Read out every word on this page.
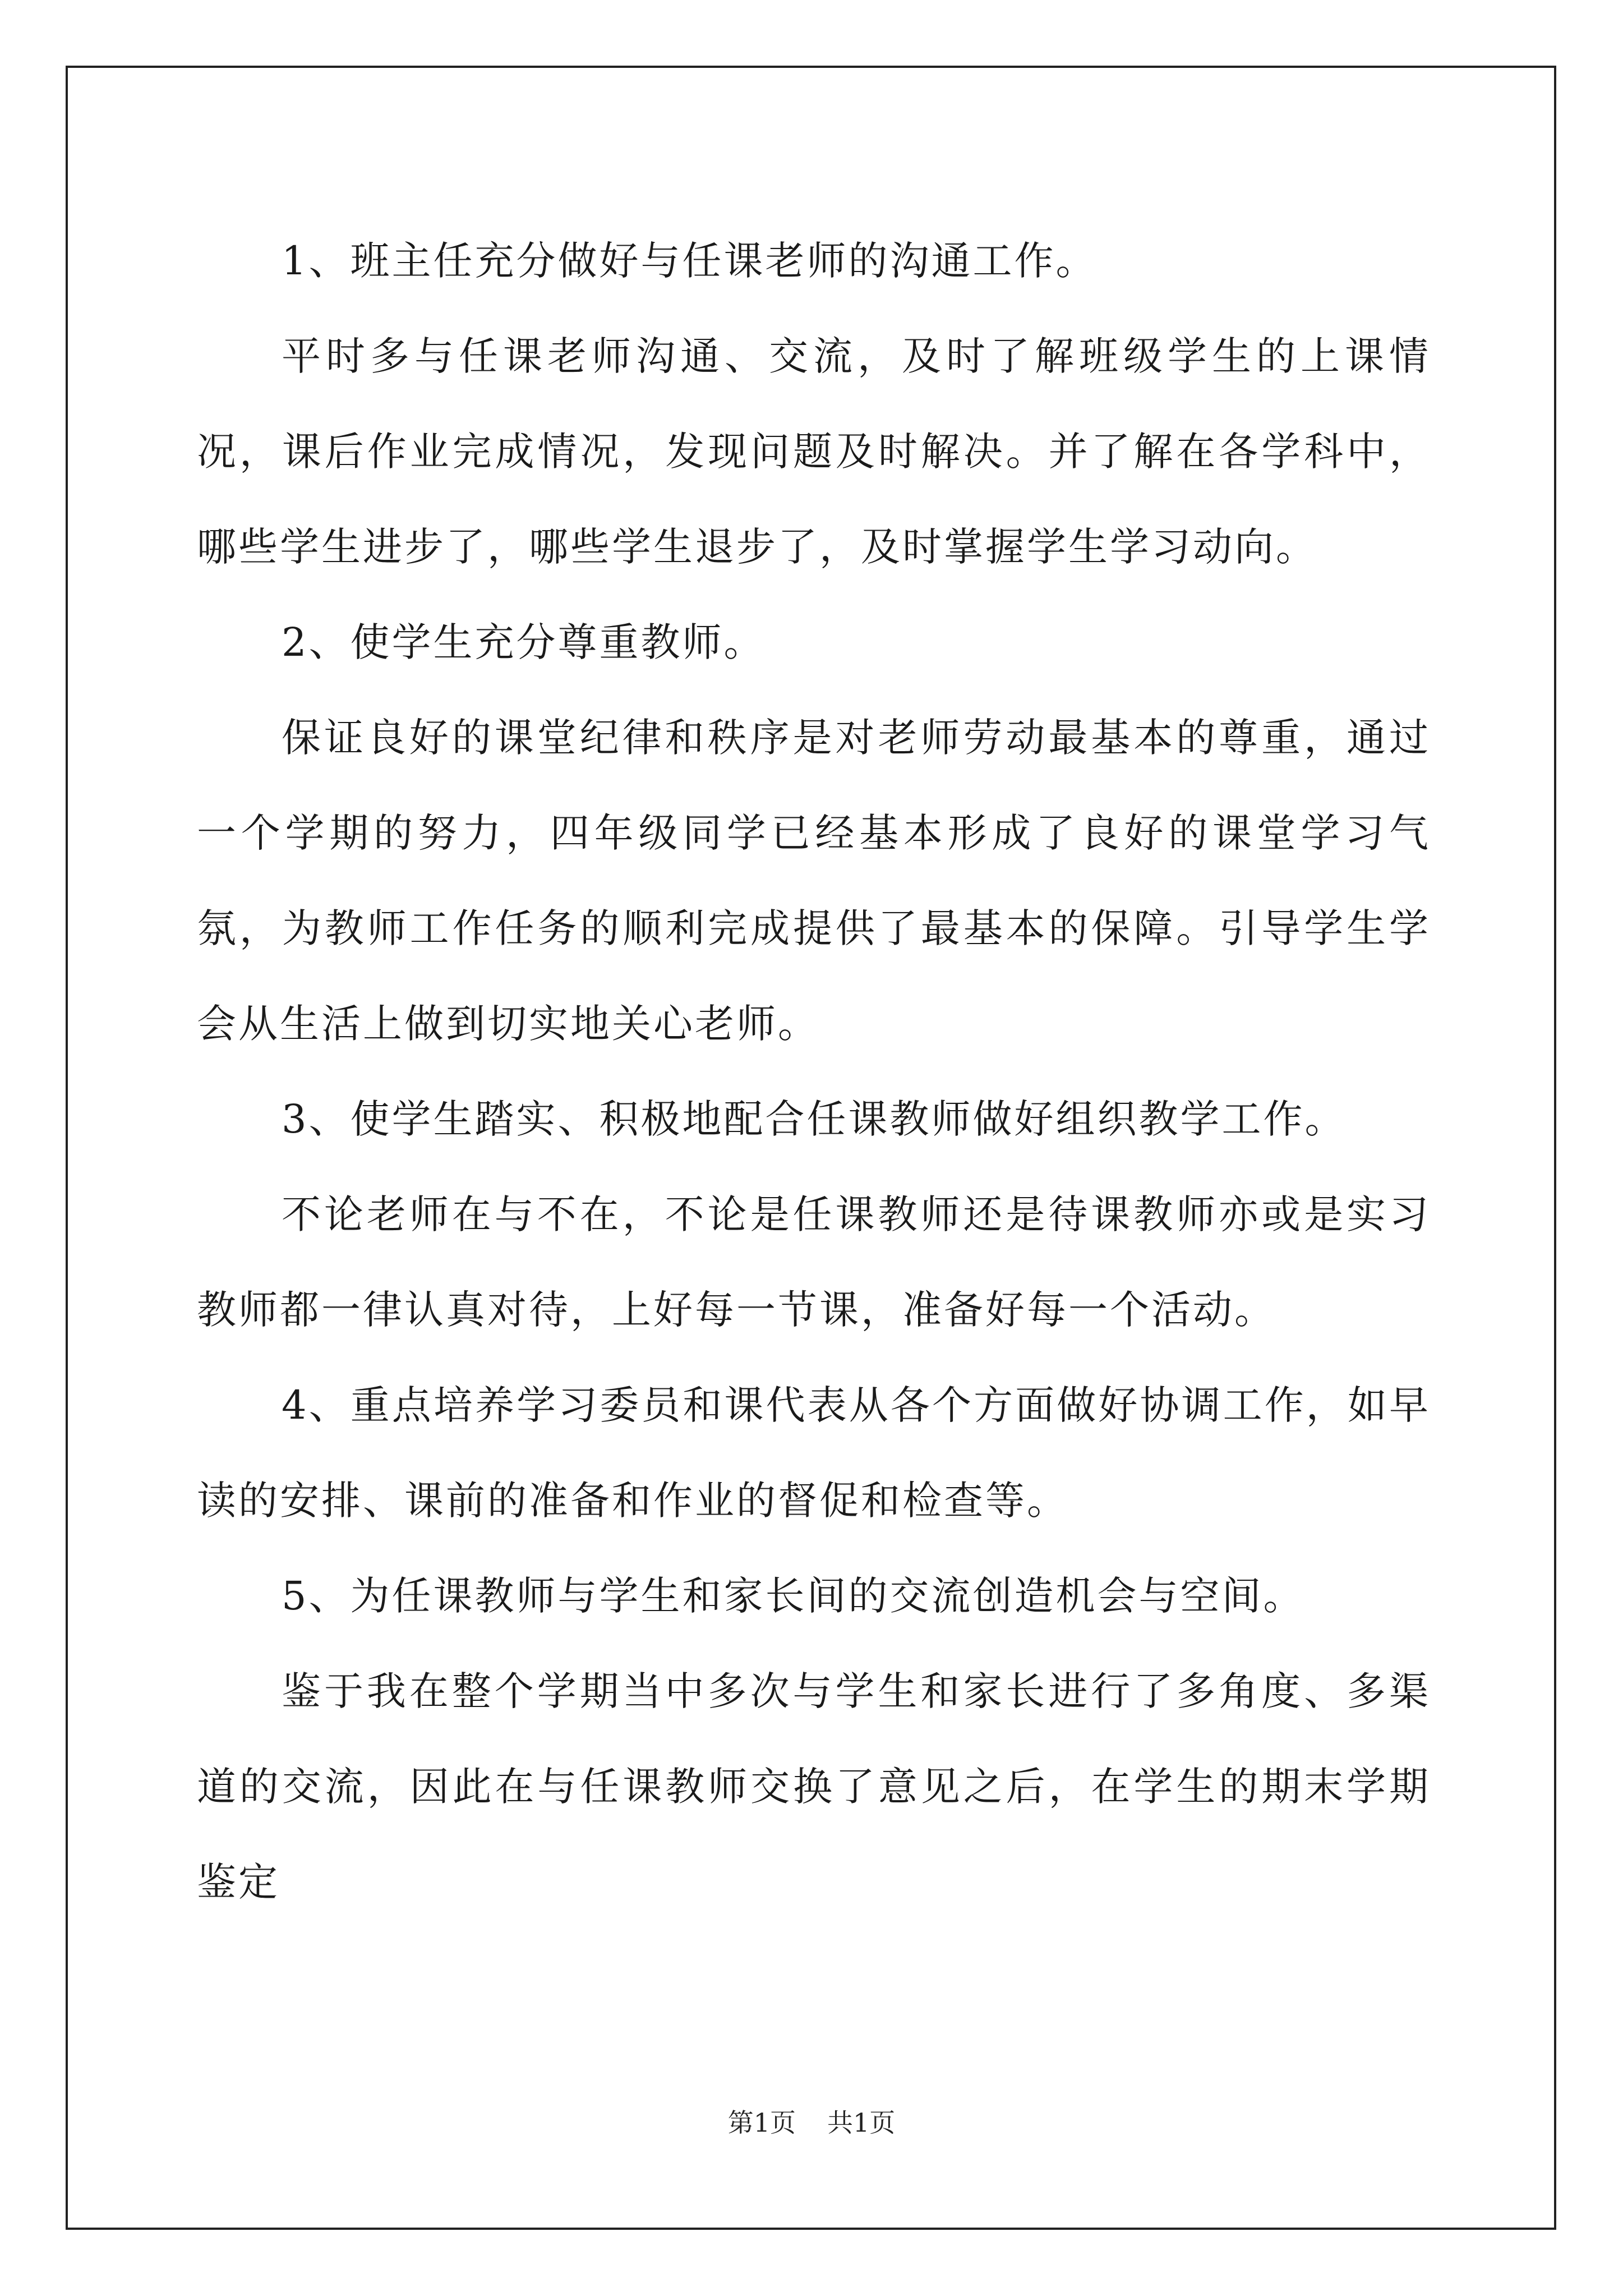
1、班主任充分做好与任课老师的沟通工作。

平时多与任课老师沟通、交流，及时了解班级学生的上课情况，课后作业完成情况，发现问题及时解决。并了解在各学科中，哪些学生进步了，哪些学生退步了，及时掌握学生学习动向。

2、使学生充分尊重教师。

保证良好的课堂纪律和秩序是对老师劳动最基本的尊重，通过一个学期的努力，四年级同学已经基本形成了良好的课堂学习气氛，为教师工作任务的顺利完成提供了最基本的保障。引导学生学会从生活上做到切实地关心老师。

3、使学生踏实、积极地配合任课教师做好组织教学工作。

不论老师在与不在，不论是任课教师还是待课教师亦或是实习教师都一律认真对待，上好每一节课，准备好每一个活动。

4、重点培养学习委员和课代表从各个方面做好协调工作，如早读的安排、课前的准备和作业的督促和检查等。

5、为任课教师与学生和家长间的交流创造机会与空间。

鉴于我在整个学期当中多次与学生和家长进行了多角度、多渠道的交流，因此在与任课教师交换了意见之后，在学生的期末学期鉴定

第1页 共1页
